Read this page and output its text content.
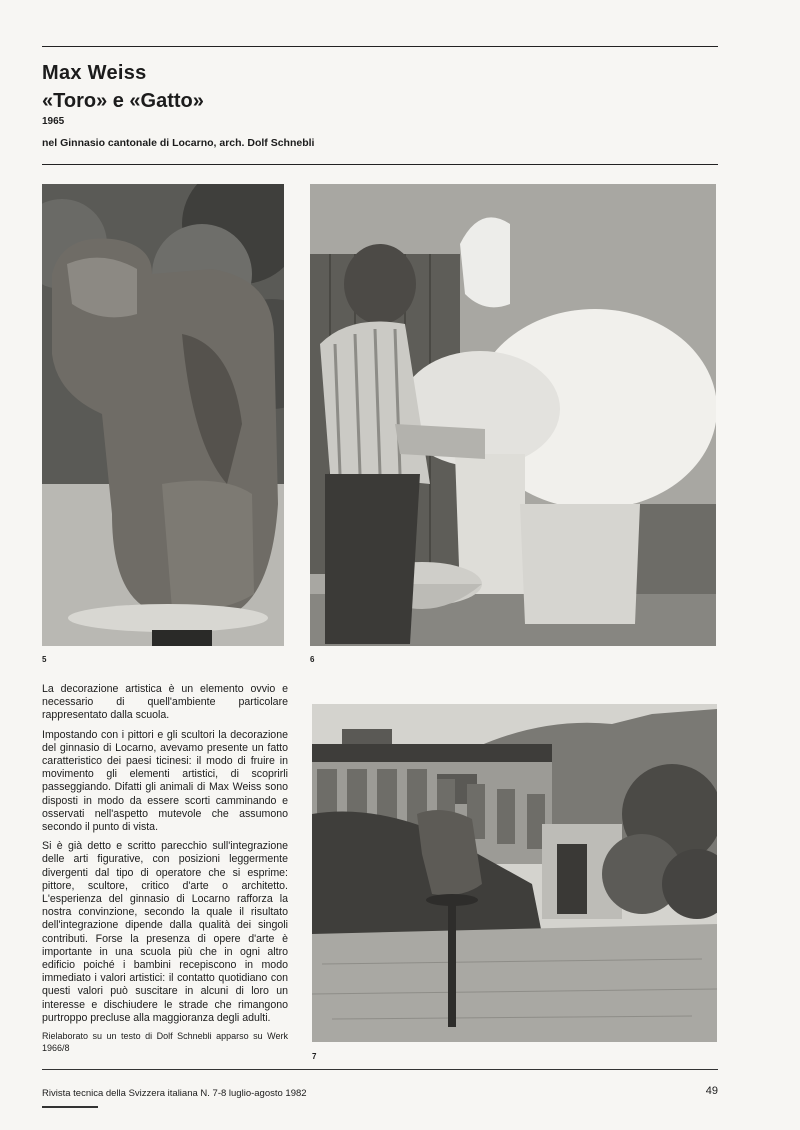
Max Weiss
«Toro» e «Gatto»
1965
nel Ginnasio cantonale di Locarno, arch. Dolf Schnebli
5	6

La decorazione artistica è un elemento ovvio e necessario di quell'ambiente particolare rappresentato dalla scuola.

Impostando con i pittori e gli scultori la decorazione del ginnasio di Locarno, avevamo presente un fatto caratteristico dei paesi ticinesi: il modo di fruire in movimento gli elementi artistici, di scoprirli passeggiando. Difatti gli animali di Max Weiss sono disposti in modo da essere scorti camminando e osservati nell'aspetto mutevole che assumono secondo il punto di vista.

Si è già detto e scritto parecchio sull'integrazione delle arti figurative, con posizioni leggermente divergenti dal tipo di operatore che si esprime: pittore, scultore, critico d'arte o architetto. L'esperienza del ginnasio di Locarno rafforza la nostra convinzione, secondo la quale il risultato dell'integrazione dipende dalla qualità dei singoli contributi. Forse la presenza di opere d'arte è importante in una scuola più che in ogni altro edificio poiché i bambini recepiscono in modo immediato i valori artistici: il contatto quotidiano con questi valori può suscitare in alcuni di loro un interesse e dischiudere le strade che rimangono purtroppo precluse alla maggioranza degli adulti.

Rielaborato su un testo di Dolf Schnebli apparso su Werk 1966/8

7
Rivista tecnica della Svizzera italiana N. 7-8 luglio-agosto 1982	49
